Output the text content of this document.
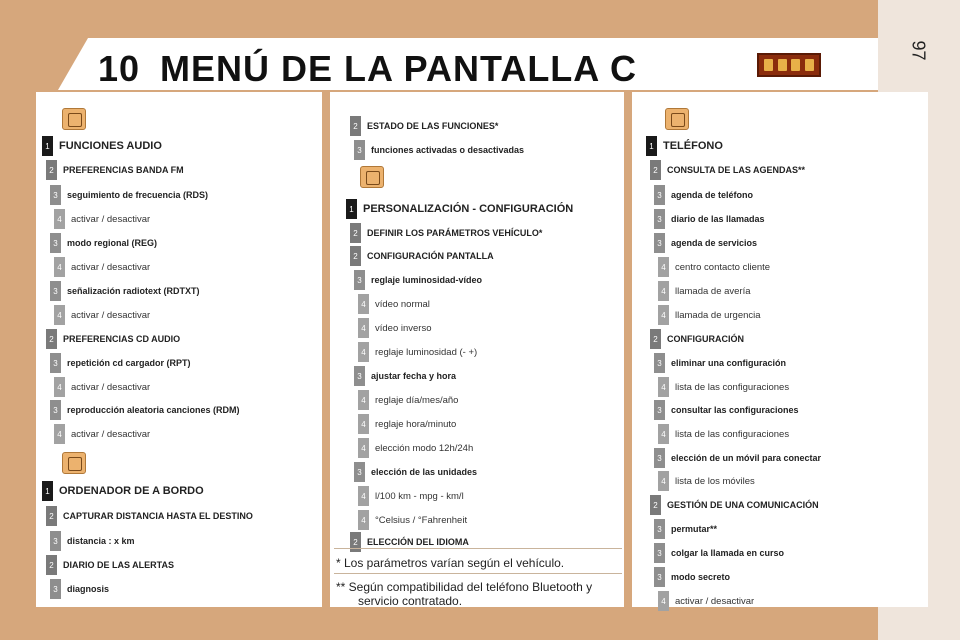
10 MENÚ DE LA PANTALLA C	97
1 FUNCIONES AUDIO
2	PREFERENCIAS BANDA FM
3	seguimiento de frecuencia (RDS)
4 activar / desactivar
3	modo regional (REG)
4 activar / desactivar
3	señalización radiotext (RDTXT)
4 activar / desactivar
2	PREFERENCIAS CD AUDIO
3	repetición cd cargador (RPT)
4 activar / desactivar
3	reproducción aleatoria canciones (RDM)
4 activar / desactivar
1 ORDENADOR DE A BORDO
2	CAPTURAR DISTANCIA HASTA EL DESTINO
3	distancia : x km
2	DIARIO DE LAS ALERTAS
3	diagnosis
2	ESTADO DE LAS FUNCIONES*
3	funciones activadas o desactivadas
1 PERSONALIZACIÓN - CONFIGURACIÓN
2	DEFINIR LOS PARÁMETROS VEHÍCULO*
2	CONFIGURACIÓN PANTALLA
3	reglaje luminosidad-vídeo
4 vídeo normal
4 vídeo inverso
4 reglaje luminosidad (- +)
3	ajustar fecha y hora
4 reglaje día/mes/año
4 reglaje hora/minuto
4 elección modo 12h/24h
3	elección de las unidades
4 l/100 km - mpg - km/l
4 °Celsius / °Fahrenheit
2	ELECCIÓN DEL IDIOMA
1 TELÉFONO
2	CONSULTA DE LAS AGENDAS**
3	agenda de teléfono
3	diario de las llamadas
3	agenda de servicios
4 centro contacto cliente
4 llamada de avería
4 llamada de urgencia
2	CONFIGURACIÓN
3	eliminar una configuración
4 lista de las configuraciones
3	consultar las configuraciones
4 lista de las configuraciones
3	elección de un móvil para conectar
4 lista de los móviles
2	GESTIÓN DE UNA COMUNICACIÓN
3	permutar**
3	colgar la llamada en curso
3	modo secreto
4 activar / desactivar
* Los parámetros varían según el vehículo.
** Según compatibilidad del teléfono Bluetooth y
servicio contratado.
